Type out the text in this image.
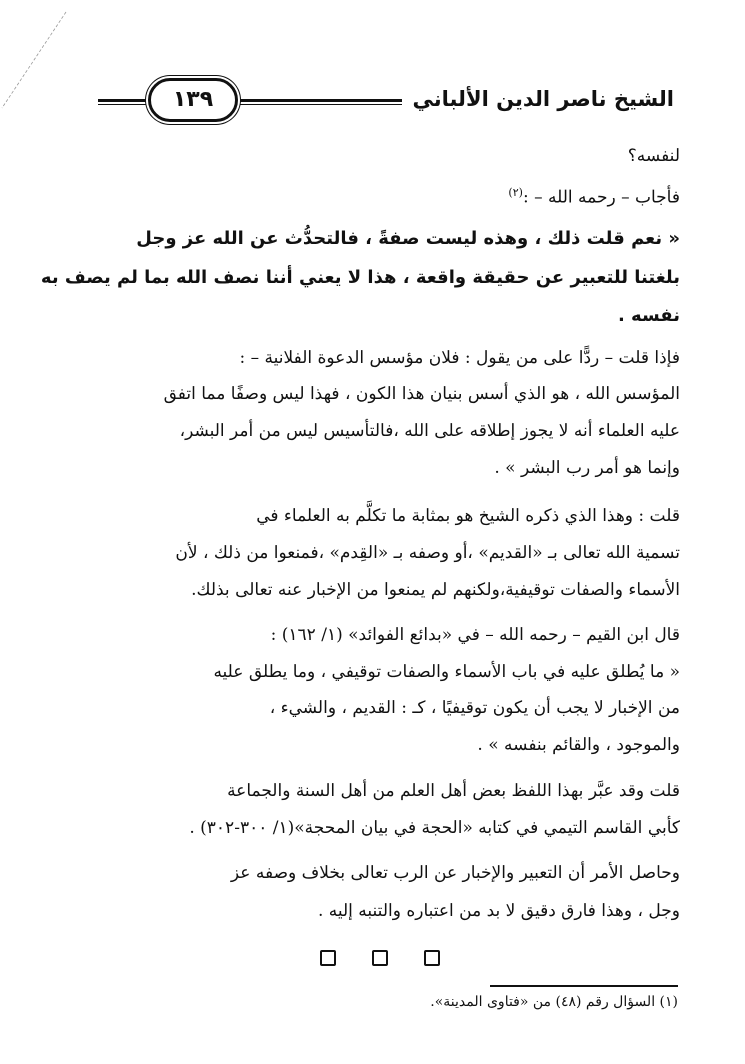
الشيخ ناصر الدين الألباني
١٣٩
لنفسه؟
فأجاب – رحمه الله – :$^{(٢)}$
« نعم قلت ذلك ، وهذه ليست صفةً ، فالتحدُّث عن الله عز وجل
بلغتنا للتعبير عن حقيقة واقعة ، هذا لا يعني أننا نصف الله بما لم يصف به
نفسه .
فإذا قلت – ردًّا على من يقول : فلان مؤسس الدعوة الفلانية – :
المؤسس الله ، هو الذي أسس بنيان هذا الكون ، فهذا ليس وصفًا مما اتفق
عليه العلماء أنه لا يجوز إطلاقه على الله ،فالتأسيس ليس من أمر البشر،
وإنما هو أمر رب البشر » .
قلت : وهذا الذي ذكره الشيخ هو بمثابة ما تكلَّم به العلماء في
تسمية الله تعالى بـ «القديم» ،أو وصفه بـ «القِدم» ،فمنعوا من ذلك ، لأن
الأسماء والصفات توقيفية،ولكنهم لم يمنعوا من الإخبار عنه تعالى بذلك.
قال ابن القيم – رحمه الله – في «بدائع الفوائد» (١/ ١٦٢) :
« ما يُطلق عليه في باب الأسماء والصفات توقيفي ، وما يطلق عليه
من الإخبار لا يجب أن يكون توقيفيًا ، كـ : القديم ، والشيء ،
والموجود ، والقائم بنفسه » .
قلت وقد عبَّر بهذا اللفظ بعض أهل العلم من أهل السنة والجماعة
كأبي القاسم التيمي في كتابه «الحجة في بيان المحجة»(١/ ٣٠٠-٣٠٢) .
وحاصل الأمر أن التعبير والإخبار عن الرب تعالى بخلاف وصفه عز
وجل ، وهذا فارق دقيق لا بد من اعتباره والتنبه إليه .
(١) السؤال رقم (٤٨) من «فتاوى المدينة».
